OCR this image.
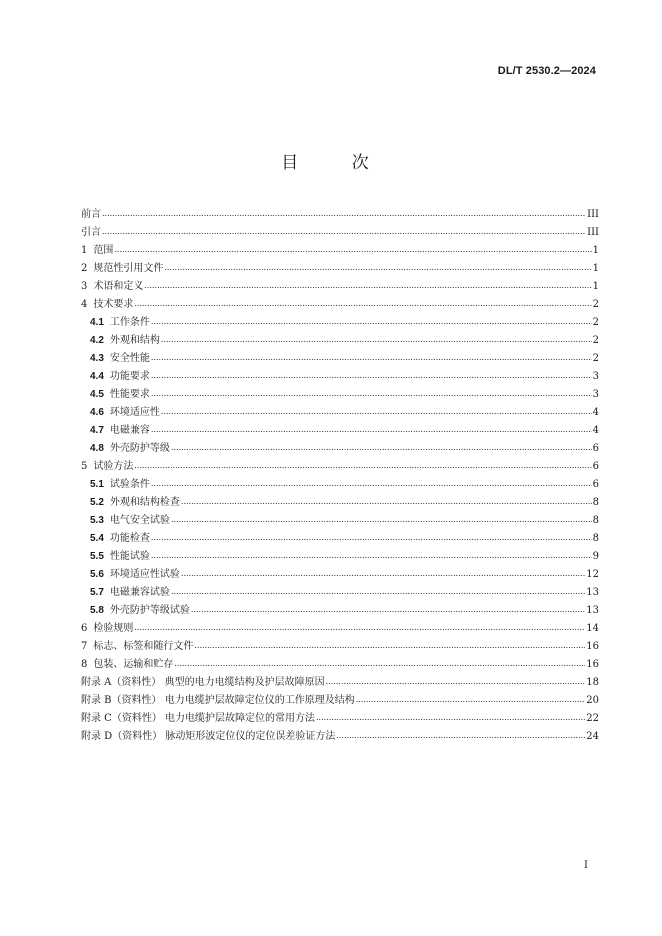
DL/T 2530.2—2024
目 次
前言 .....	III
引言 .....	III
1 范围 .....	1
2 规范性引用文件 .....	1
3 术语和定义 .....	1
4 技术要求 .....	2
4.1 工作条件 .....	2
4.2 外观和结构 .....	2
4.3 安全性能 .....	2
4.4 功能要求 .....	3
4.5 性能要求 .....	3
4.6 环境适应性 .....	4
4.7 电磁兼容 .....	4
4.8 外壳防护等级 .....	6
5 试验方法 .....	6
5.1 试验条件 .....	6
5.2 外观和结构检查 .....	8
5.3 电气安全试验 .....	8
5.4 功能检查 .....	8
5.5 性能试验 .....	9
5.6 环境适应性试验 .....	12
5.7 电磁兼容试验 .....	13
5.8 外壳防护等级试验 .....	13
6 检验规则 .....	14
7 标志、标签和随行文件 .....	16
8 包装、运输和贮存 .....	16
附录 A（资料性） 典型的电力电缆结构及护层故障原因 .....	18
附录 B（资料性） 电力电缆护层故障定位仪的工作原理及结构 .....	20
附录 C（资料性） 电力电缆护层故障定位的常用方法 .....	22
附录 D（资料性） 脉动矩形波定位仪的定位误差验证方法 .....	24
I
